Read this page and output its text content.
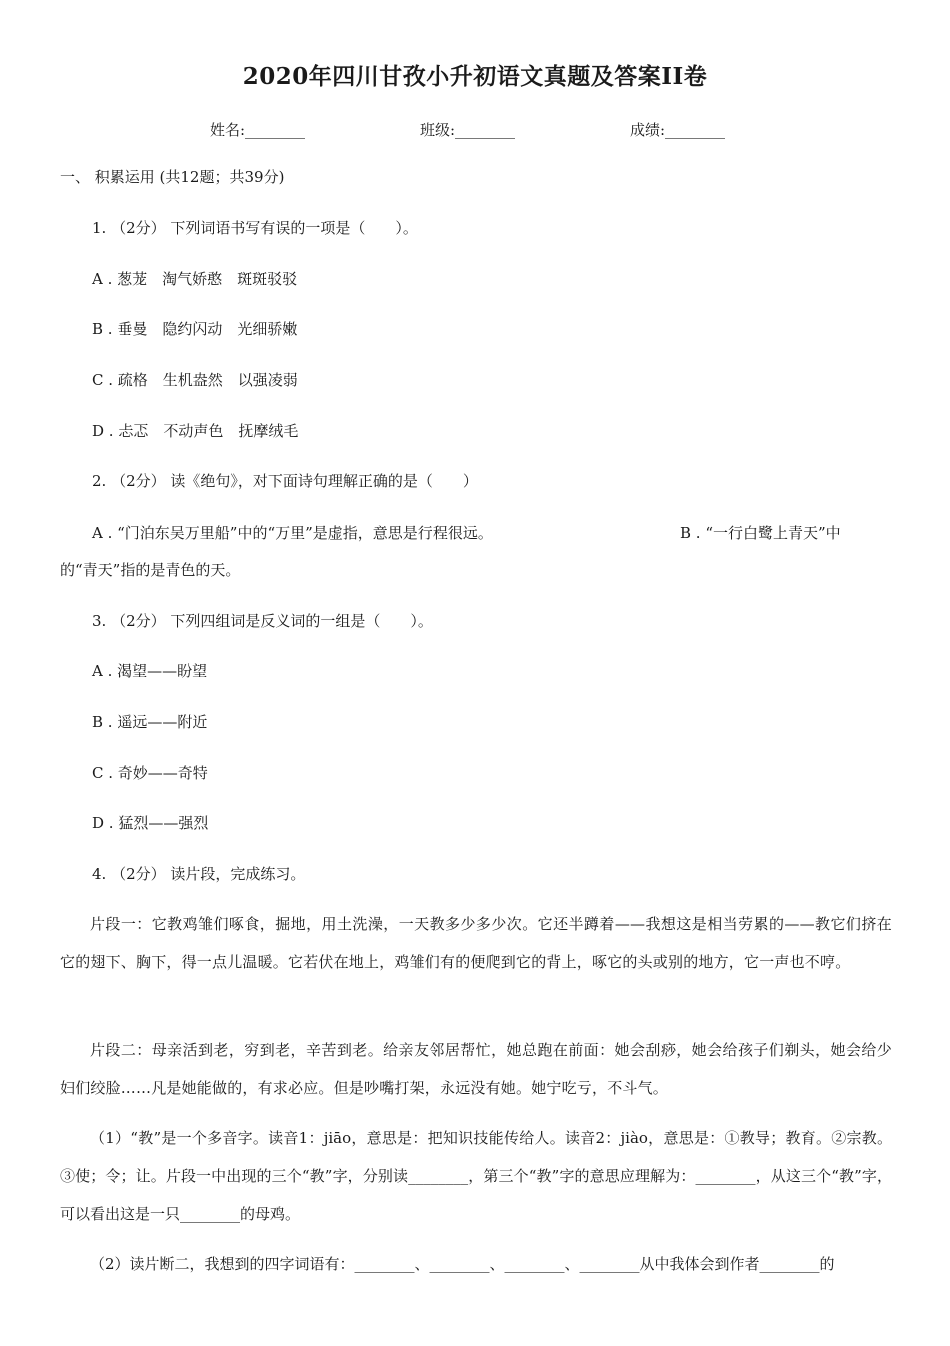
2020年四川甘孜小升初语文真题及答案II卷
姓名:________	班级:________	成绩:________
一、 积累运用 (共12题；共39分)
1. （2分） 下列词语书写有误的一项是（　　）。
A . 葱茏　淘气娇憨　斑斑驳驳
B . 垂曼　隐约闪动　光细骄嫩
C . 疏格　生机盎然　以强凌弱
D . 忐忑　不动声色　抚摩绒毛
2. （2分） 读《绝句》，对下面诗句理解正确的是（　　）
A . “门泊东吴万里船”中的“万里”是虚指，意思是行程很远。	B . “一行白鹭上青天”中
的“青天”指的是青色的天。
3. （2分） 下列四组词是反义词的一组是（　　）。
A . 渴望——盼望
B . 遥远——附近
C . 奇妙——奇特
D . 猛烈——强烈
4. （2分） 读片段，完成练习。
片段一：它教鸡雏们啄食，掘地，用土洗澡，一天教多少多少次。它还半蹲着——我想这是相当劳累的——教它们挤在它的翅下、胸下，得一点儿温暖。它若伏在地上，鸡雏们有的便爬到它的背上，啄它的头或别的地方，它一声也不哼。
片段二：母亲活到老，穷到老，辛苦到老。给亲友邻居帮忙，她总跑在前面：她会刮痧，她会给孩子们剃头，她会给少妇们绞脸……凡是她能做的，有求必应。但是吵嘴打架，永远没有她。她宁吃亏，不斗气。
（1）“教”是一个多音字。读音1：jiāo，意思是：把知识技能传给人。读音2：jiào，意思是：①教导；教育。②宗教。③使；令；让。片段一中出现的三个“教”字，分别读________，第三个“教”字的意思应理解为：________，从这三个“教”字，可以看出这是一只________的母鸡。
（2）读片断二，我想到的四字词语有：________、________、________、________从中我体会到作者________的
